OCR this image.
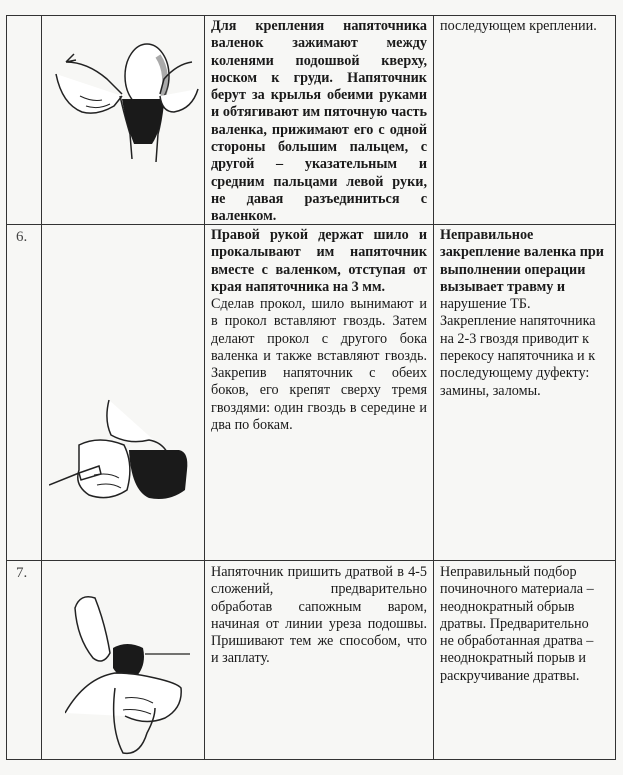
Для крепления напяточника валенок зажимают между коленями подошвой кверху, носком к груди. Напяточник берут за крылья обеими руками и обтягивают им пяточную часть валенка, прижимают его с одной стороны большим пальцем, с другой – указательным и средним пальцами левой руки, не давая разъединиться с валенком.
последующем креплении.
6.	Правой рукой держат шило и прокалывают им напяточник вместе с валенком, отступая от края напяточника на 3 мм.
Сделав прокол, шило вынимают и в прокол вставляют гвоздь. Затем делают прокол с другого бока валенка и также вставляют гвоздь. Закрепив напяточник с обеих боков, его крепят сверху тремя гвоздями: один гвоздь в середине и два по бокам.
Неправильное
закрепление валенка при
выполнении операции
вызывает травму и
нарушение ТБ.
Закрепление напяточника
на 2-3 гвоздя приводит к
перекосу напяточника и к
последующему дуфекту:
замины, заломы.
7.	Напяточник пришить дратвой в 4-5 сложений, предварительно обработав сапожным варом, начиная от линии уреза подошвы. Пришивают тем же способом, что и заплату.
Неправильный подбор
починочного материала –
неоднократный обрыв
дратвы. Предварительно
не обработанная дратва –
неоднократный порыв и
раскручивание дратвы.
